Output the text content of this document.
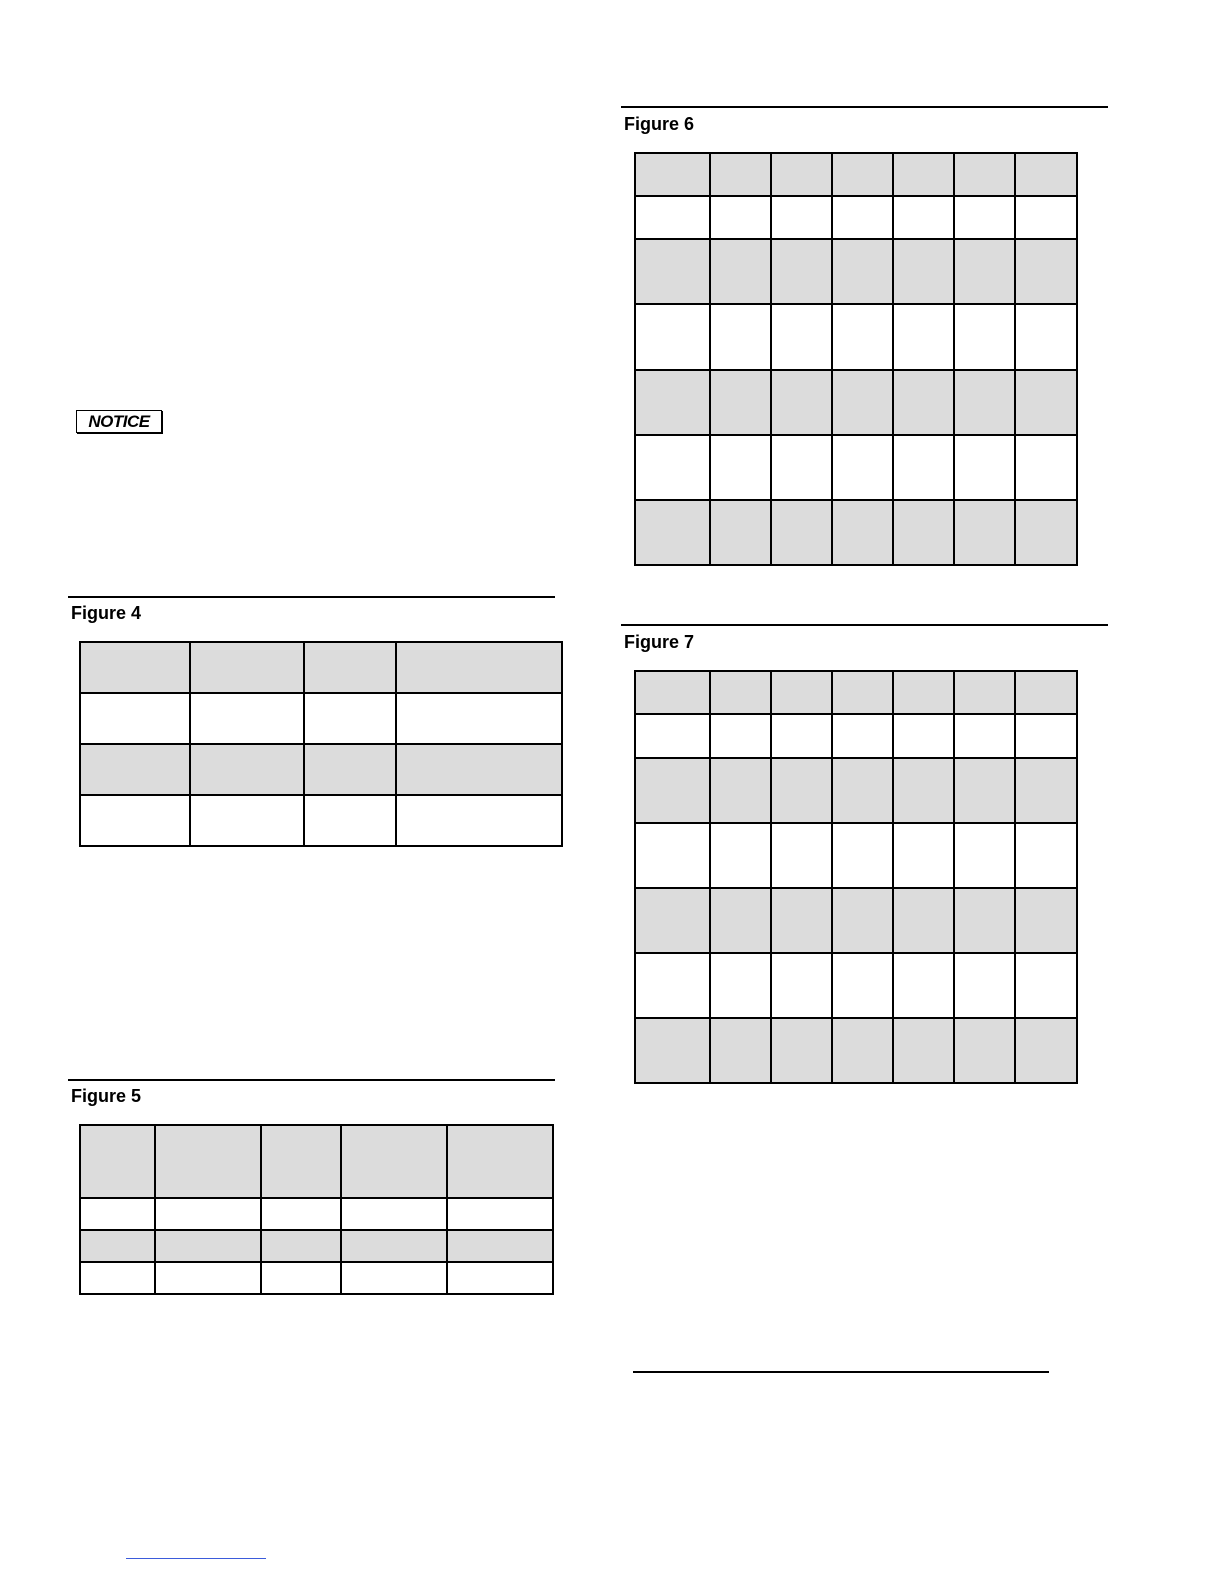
NOTICE
Figure 4

Figure 5

Figure 6

Figure 7
